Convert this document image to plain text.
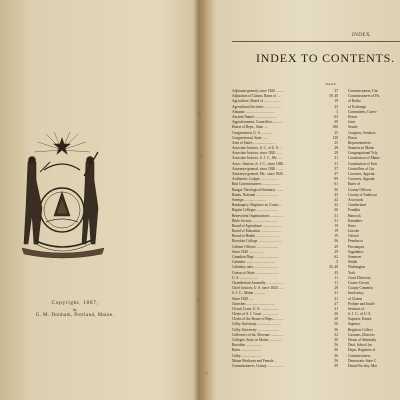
Copyright, 1887,
by
G. M. Donham, Portland, Maine.
INDEX.
INDEX TO CONTENTS.
PAGE
Adjutants-general, since 1820 ..........	37
Adjutation of Claims, Rates of ....	39, 40
Agriculture, Board of ..................	19
Agricultural Societies ..................	23
Almanac ................................	5
Ancient Names ........................	63
Apportionment, Councillors ..........	39
House of Reps., State ....	180
Congressmen, U. S. ............	35
Congressional, State ......	120
Area of States ........................	25
Associate Justices, S. C. of U. S. ..	28
Associate Justices, since 1820 ......	28
Associate Justices, S. J. C., Me. ....	31
Assoc. Justices, S. J. C., since 1820 ..	31
Attorneys-general, since 1820 ........	37
Attorneys-general, Me., since 1820 ..	37
Arithmetic, Lodges ....................	89
Bail Commissioners ....................	61
Bangor Theological Seminary ........	56
Banks, National ........................	45
Savings ........................	42
Bankruptcy, Registers in, Courts ..	32
Baptist Colleges ........................	56
Benevolent Organizations ..............	51
Bible Society ............................	51
Board of Agriculture ....................	19
Board of Education ......................	19
Board of Health ..........................	19
Bowdoin College ..........................	56
Cabinet Officers ........................	29
Since 1820 ................	29
Canadian Dept. ..........................	62
Calendar ................................	5
Calendar, rates ..........................	45, 48
Census of State ..........................	43
U. S. ....................	11
Chamberlain Assembly ..................	11
Chief Justices, U. S. since 1820 ......	28
S. J. C., Maine ............	31
Since 1820 ....	31
Churches ................................	47
Circuit Court, U. S. ....................	31
Clerks of S. J. Court ..................	30
Clerks of the House of Reps. ..........	20
Colby University ..........................	56
Colby University ........................	56
Collectors of Int. Revenue ..............	32
Colleges, State, in Maine ..............	50
Bowdoin ..................	56
Bates ......................	56
Colby ......................	56
Maine Wesleyan and Female ..	56
Commissioners, County ..................	59
Commissioners, Uni
Commissioners of Fis
of Ballot
of Exchange
Committees, Conve
House
Joint
Senate
Congress, Senators
House
Representatives
Senators in Maine
Congregational Yrly
Constitution of Maine
Constitution of Unit
Controllers of Cur
Coroners, Appoint
Coroners, Appoint
Rates of
County Officers
County of Androsco
Aroostook
Cumberland
Franklin
Hancock
Kennebec
Knox
Lincoln
Oxford
Penobscot
Piscataquis
Sagadahoc
Somerset
Waldo
Washington
York
Court Directory
Courts-Circuit
County Commiss
Insolvency
of Claims
Probate and Insolv
Sessions of
S. J. C., of U. S.
Superior, Kenne
Superior
Registers Collect
Customs, Districts
Deans of Admiralty
Deaf, School for
Depts. Registers of
Commissioners
Democratic State C
Dental Society, Mai
